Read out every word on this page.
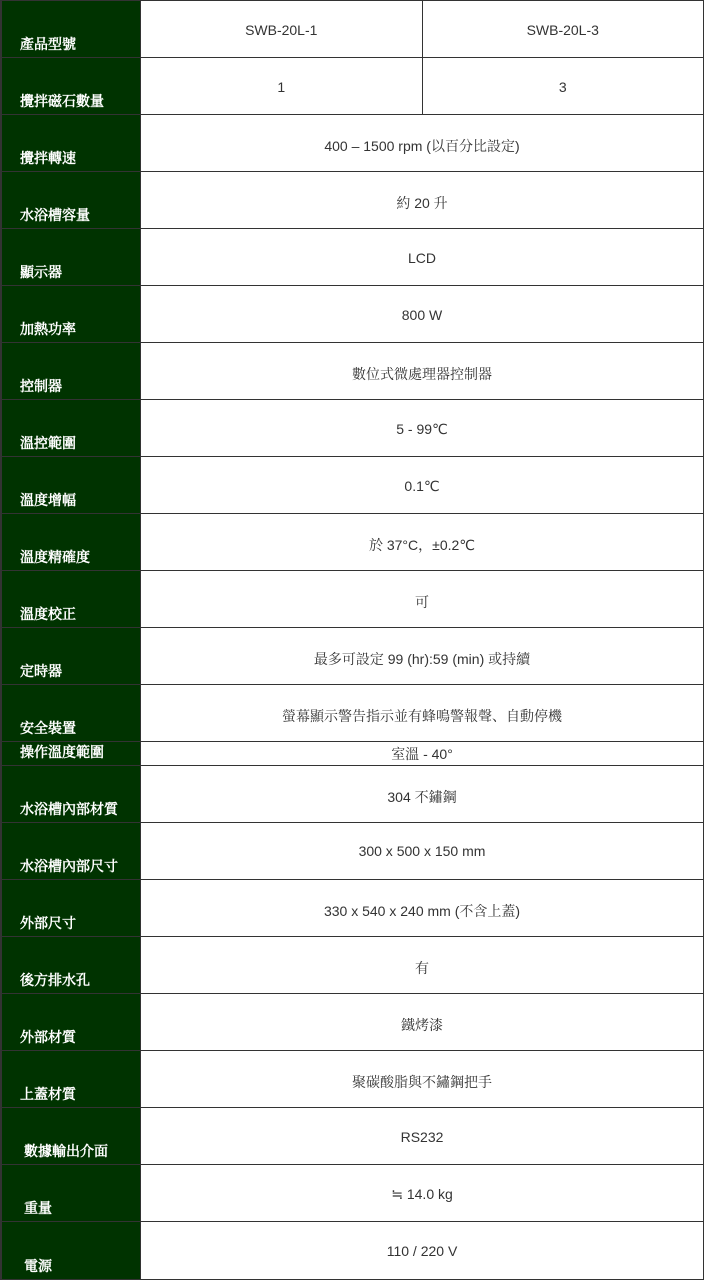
產品型號	SWB-20L-1	SWB-20L-3
攪拌磁石數量	1	3
攪拌轉速	400 – 1500 rpm (以百分比設定)	
水浴槽容量	約 20 升	
顯示器	LCD	
加熱功率	800 W	
控制器	數位式微處理器控制器	
溫控範圍	5 - 99℃	
溫度增幅	0.1℃	
溫度精確度	於 37°C，±0.2℃	
溫度校正	可	
定時器	最多可設定 99 (hr):59 (min) 或持續	
安全裝置	螢幕顯示警告指示並有蜂鳴警報聲、自動停機	
操作溫度範圍	室溫 - 40°	
水浴槽內部材質	304 不鏽鋼	
水浴槽內部尺寸	300 x 500 x 150 mm	
外部尺寸	330 x 540 x 240 mm (不含上蓋)	
後方排水孔	有	
外部材質	鐵烤漆	
上蓋材質	聚碳酸脂與不鏽鋼把手	
數據輸出介面	RS232	
重量	≒ 14.0 kg	
電源	110 / 220 V	
